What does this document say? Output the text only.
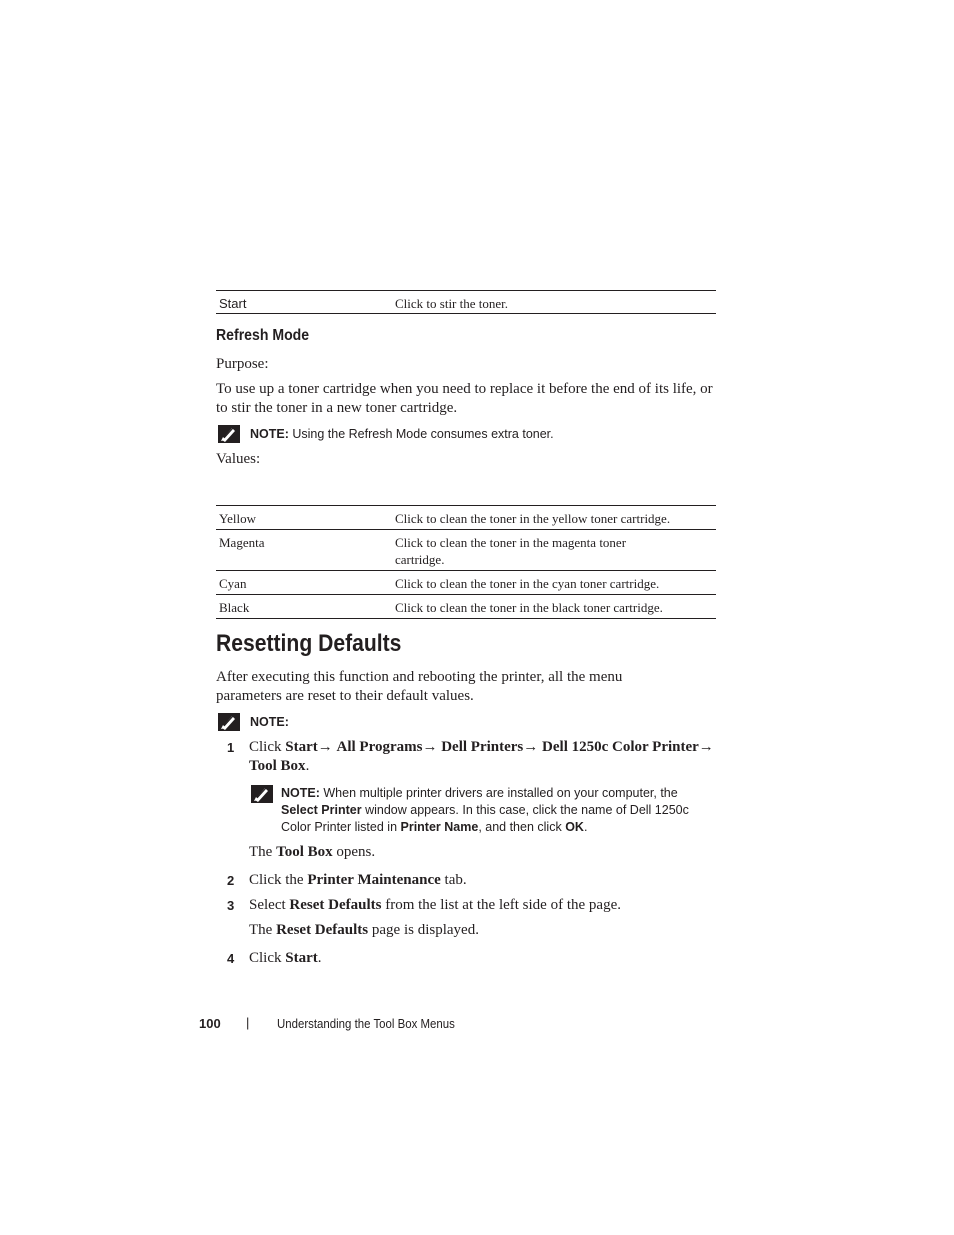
Start	Click to stir the toner.
Refresh Mode
Purpose:
To use up a toner cartridge when you need to replace it before the end of its life, or to stir the toner in a new toner cartridge.
NOTE: Using the Refresh Mode consumes extra toner.
Values:
Yellow	Click to clean the toner in the yellow toner cartridge.
Magenta	Click to clean the toner in the magenta toner cartridge.
Cyan	Click to clean the toner in the cyan toner cartridge.
Black	Click to clean the toner in the black toner cartridge.
Resetting Defaults
After executing this function and rebooting the printer, all the menu parameters are reset to their default values.
NOTE:
1 Click Start→ All Programs→ Dell Printers→ Dell 1250c Color Printer→
Tool Box.
NOTE: When multiple printer drivers are installed on your computer, the
Select Printer window appears. In this case, click the name of Dell 1250c
Color Printer listed in Printer Name, and then click OK.
The Tool Box opens.
2 Click the Printer Maintenance tab.
3 Select Reset Defaults from the list at the left side of the page.
The Reset Defaults page is displayed.
4 Click Start.
100 | Understanding the Tool Box Menus
